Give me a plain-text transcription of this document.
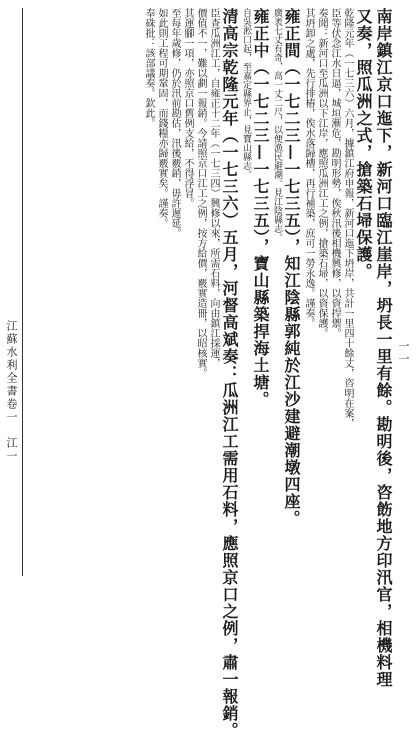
南岸鎮江京口迤下，新河口臨江崖岸，坍長一里有餘。勘明後，咨飭地方印汛官，相機料理
又奏，照瓜洲之式，搶築石埽保護。
乾隆元年（一七三六）六月，據鎮江府申報，新河口迤下坍岸，共計一里四十餘丈，咨明在案，
臣等伏念江水日逼，城垣漸危，勘明形勢，俟秋汛後相機興修，以資捍禦。
奏聞：新河口至瓜洲以下江岸，應照瓜洲江工之例，搶築石埽，以資保護。
其坍卸之處，先行排樁，俟水落歸槽，再行補築，庶可一勞永逸。謹奏。
雍正間（一七二三—一七三五），知江陰縣郭純於江沙建避潮墩四座。
廣袤七丈有奇，高一丈二尺，以便漁民避潮。見江陰縣志。
雍正中（一七二三—一七三五），寶山縣築捍海土塘。
自吳淞口起，至嘉定縣界止，見寶山縣志。
清高宗乾隆元年（一七三六）五月，河督高斌奏：瓜洲江工需用石料，應照京口之例，肅一報銷。
臣查瓜洲江工，自雍正十二年（一七三四）興修以來，所需石料，向由鎮江採運，
價值不一，難以劃一報銷。今請照京口江工之例，按方給價，覈實造冊，以昭核實。
其運腳一項，亦照京口舊例支給，不得浮冒。
至每年歲修，仍於汛前勘估，汛後覈銷，毋許遲延。
如此則工程可期鞏固，而錢糧亦歸覈實矣。謹奏。
奉硃批：該部議奏。欽此。
江蘇水利全書卷一　江一	一一
